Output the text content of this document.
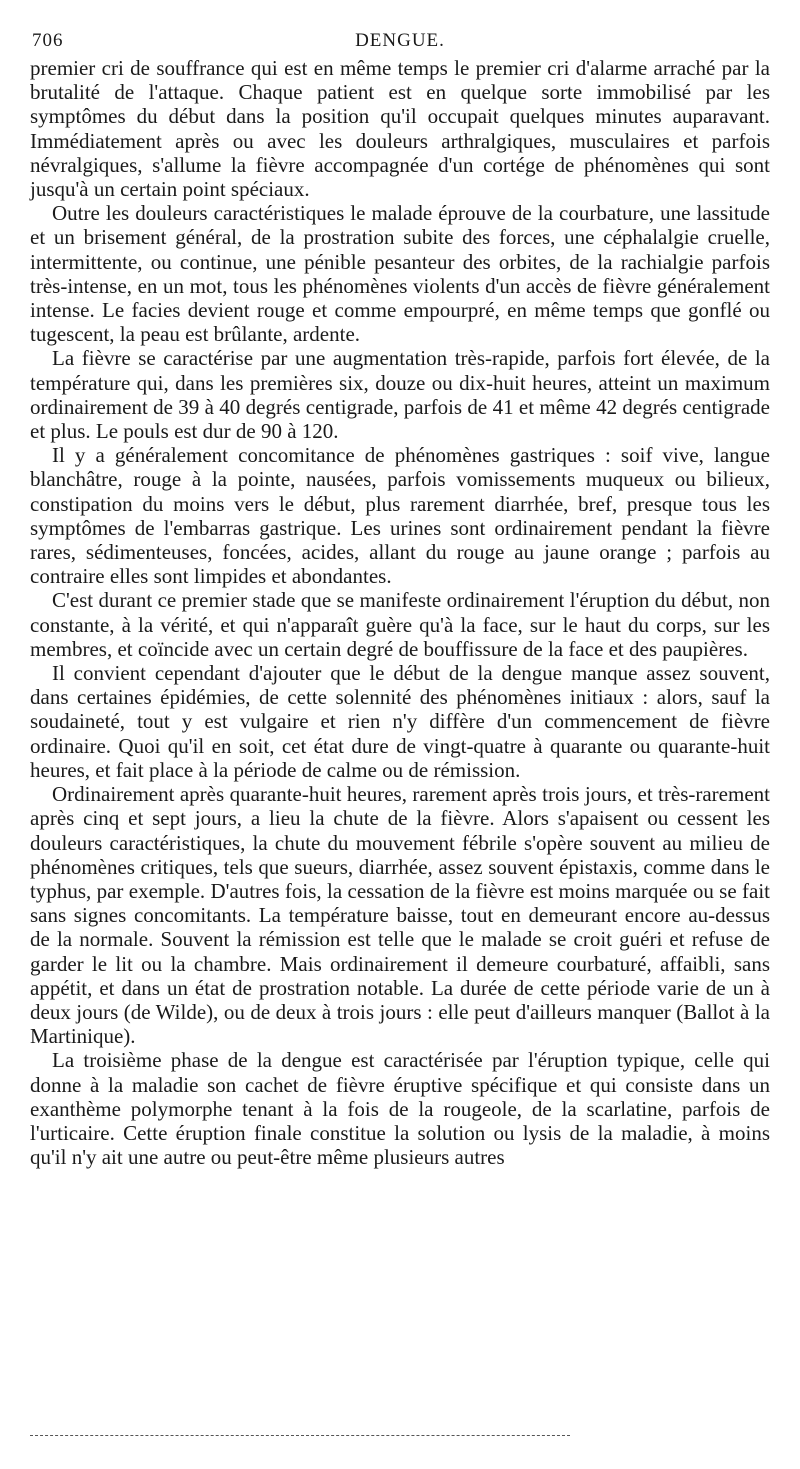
706	DENGUE.

premier cri de souffrance qui est en même temps le premier cri d'alarme arraché par la brutalité de l'attaque. Chaque patient est en quelque sorte immobilisé par les symptômes du début dans la position qu'il occupait quelques minutes auparavant. Immédiatement après ou avec les douleurs arthralgiques, musculaires et parfois névralgiques, s'allume la fièvre accompagnée d'un cortége de phénomènes qui sont jusqu'à un certain point spéciaux.

Outre les douleurs caractéristiques le malade éprouve de la courbature, une lassitude et un brisement général, de la prostration subite des forces, une céphalalgie cruelle, intermittente, ou continue, une pénible pesanteur des orbites, de la rachialgie parfois très-intense, en un mot, tous les phénomènes violents d'un accès de fièvre généralement intense. Le facies devient rouge et comme empourpré, en même temps que gonflé ou tugescent, la peau est brûlante, ardente.

La fièvre se caractérise par une augmentation très-rapide, parfois fort élevée, de la température qui, dans les premières six, douze ou dix-huit heures, atteint un maximum ordinairement de 39 à 40 degrés centigrade, parfois de 41 et même 42 degrés centigrade et plus. Le pouls est dur de 90 à 120.

Il y a généralement concomitance de phénomènes gastriques : soif vive, langue blanchâtre, rouge à la pointe, nausées, parfois vomissements muqueux ou bilieux, constipation du moins vers le début, plus rarement diarrhée, bref, presque tous les symptômes de l'embarras gastrique. Les urines sont ordinairement pendant la fièvre rares, sédimenteuses, foncées, acides, allant du rouge au jaune orange ; parfois au contraire elles sont limpides et abondantes.

C'est durant ce premier stade que se manifeste ordinairement l'éruption du début, non constante, à la vérité, et qui n'apparaît guère qu'à la face, sur le haut du corps, sur les membres, et coïncide avec un certain degré de bouffissure de la face et des paupières.

Il convient cependant d'ajouter que le début de la dengue manque assez souvent, dans certaines épidémies, de cette solennité des phénomènes initiaux : alors, sauf la soudaineté, tout y est vulgaire et rien n'y diffère d'un commencement de fièvre ordinaire. Quoi qu'il en soit, cet état dure de vingt-quatre à quarante ou quarante-huit heures, et fait place à la période de calme ou de rémission.

Ordinairement après quarante-huit heures, rarement après trois jours, et très-rarement après cinq et sept jours, a lieu la chute de la fièvre. Alors s'apaisent ou cessent les douleurs caractéristiques, la chute du mouvement fébrile s'opère souvent au milieu de phénomènes critiques, tels que sueurs, diarrhée, assez souvent épistaxis, comme dans le typhus, par exemple. D'autres fois, la cessation de la fièvre est moins marquée ou se fait sans signes concomitants. La température baisse, tout en demeurant encore au-dessus de la normale. Souvent la rémission est telle que le malade se croit guéri et refuse de garder le lit ou la chambre. Mais ordinairement il demeure courbaturé, affaibli, sans appétit, et dans un état de prostration notable. La durée de cette période varie de un à deux jours (de Wilde), ou de deux à trois jours : elle peut d'ailleurs manquer (Ballot à la Martinique).

La troisième phase de la dengue est caractérisée par l'éruption typique, celle qui donne à la maladie son cachet de fièvre éruptive spécifique et qui consiste dans un exanthème polymorphe tenant à la fois de la rougeole, de la scarlatine, parfois de l'urticaire. Cette éruption finale constitue la solution ou lysis de la maladie, à moins qu'il n'y ait une autre ou peut-être même plusieurs autres
